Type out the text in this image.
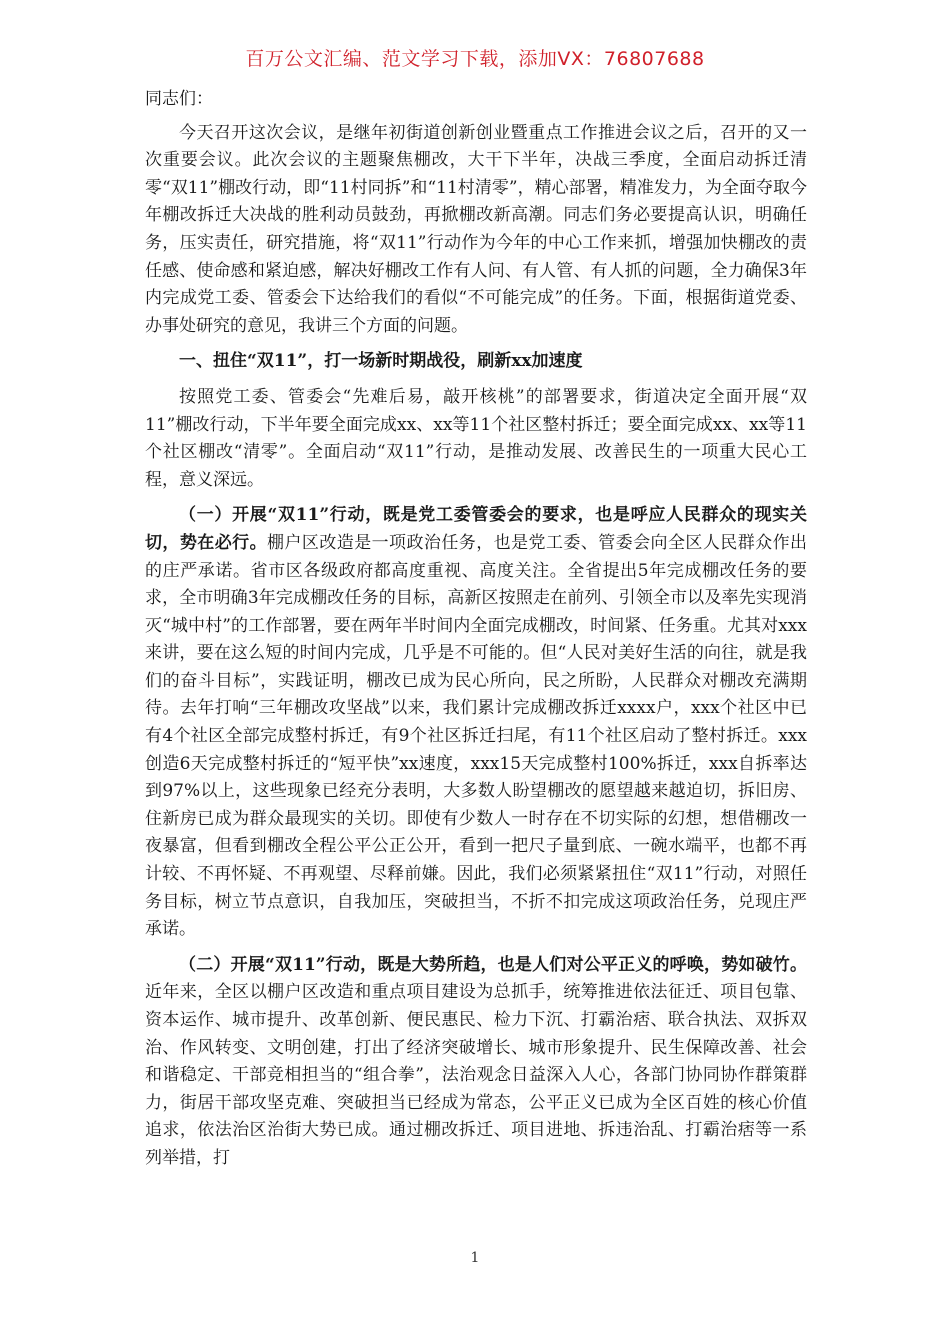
百万公文汇编、范文学习下载，添加VX：76807688
同志们：

今天召开这次会议，是继年初街道创新创业暨重点工作推进会议之后，召开的又一次重要会议。此次会议的主题聚焦棚改，大干下半年，决战三季度，全面启动拆迁清零“双11”棚改行动，即“11村同拆”和“11村清零”，精心部署，精准发力，为全面夺取今年棚改拆迁大决战的胜利动员鼓劲，再掀棚改新高潮。同志们务必要提高认识，明确任务，压实责任，研究措施，将“双11”行动作为今年的中心工作来抓，增强加快棚改的责任感、使命感和紧迫感，解决好棚改工作有人问、有人管、有人抓的问题，全力确保3年内完成党工委、管委会下达给我们的看似“不可能完成”的任务。下面，根据街道党委、办事处研究的意见，我讲三个方面的问题。

一、扭住“双11”，打一场新时期战役，刷新xx加速度

按照党工委、管委会“先难后易，敲开核桃”的部署要求，街道决定全面开展“双11”棚改行动，下半年要全面完成xx、xx等11个社区整村拆迁；要全面完成xx、xx等11个社区棚改“清零”。全面启动“双11”行动，是推动发展、改善民生的一项重大民心工程，意义深远。

（一）开展“双11”行动，既是党工委管委会的要求，也是呼应人民群众的现实关切，势在必行。棚户区改造是一项政治任务，也是党工委、管委会向全区人民群众作出的庄严承诺。省市区各级政府都高度重视、高度关注。全省提出5年完成棚改任务的要求，全市明确3年完成棚改任务的目标，高新区按照走在前列、引领全市以及率先实现消灭“城中村”的工作部署，要在两年半时间内全面完成棚改，时间紧、任务重。尤其对xxx来讲，要在这么短的时间内完成，几乎是不可能的。但“人民对美好生活的向往，就是我们的奋斗目标”，实践证明，棚改已成为民心所向，民之所盼，人民群众对棚改充满期待。去年打响“三年棚改攻坚战”以来，我们累计完成棚改拆迁xxxx户，xxx个社区中已有4个社区全部完成整村拆迁，有9个社区拆迁扫尾，有11个社区启动了整村拆迁。xxx创造6天完成整村拆迁的“短平快”xx速度，xxx15天完成整村100%拆迁，xxx自拆率达到97%以上，这些现象已经充分表明，大多数人盼望棚改的愿望越来越迫切，拆旧房、住新房已成为群众最现实的关切。即使有少数人一时存在不切实际的幻想，想借棚改一夜暴富，但看到棚改全程公平公正公开，看到一把尺子量到底、一碗水端平，也都不再计较、不再怀疑、不再观望、尽释前嫌。因此，我们必须紧紧扭住“双11”行动，对照任务目标，树立节点意识，自我加压，突破担当，不折不扣完成这项政治任务，兑现庄严承诺。

（二）开展“双11”行动，既是大势所趋，也是人们对公平正义的呼唤，势如破竹。近年来，全区以棚户区改造和重点项目建设为总抓手，统筹推进依法征迁、项目包靠、资本运作、城市提升、改革创新、便民惠民、检力下沉、打霸治痞、联合执法、双拆双治、作风转变、文明创建，打出了经济突破增长、城市形象提升、民生保障改善、社会和谐稳定、干部竞相担当的“组合拳”，法治观念日益深入人心，各部门协同协作群策群力，街居干部攻坚克难、突破担当已经成为常态，公平正义已成为全区百姓的核心价值追求，依法治区治街大势已成。通过棚改拆迁、项目进地、拆违治乱、打霸治痞等一系列举措，打

1
